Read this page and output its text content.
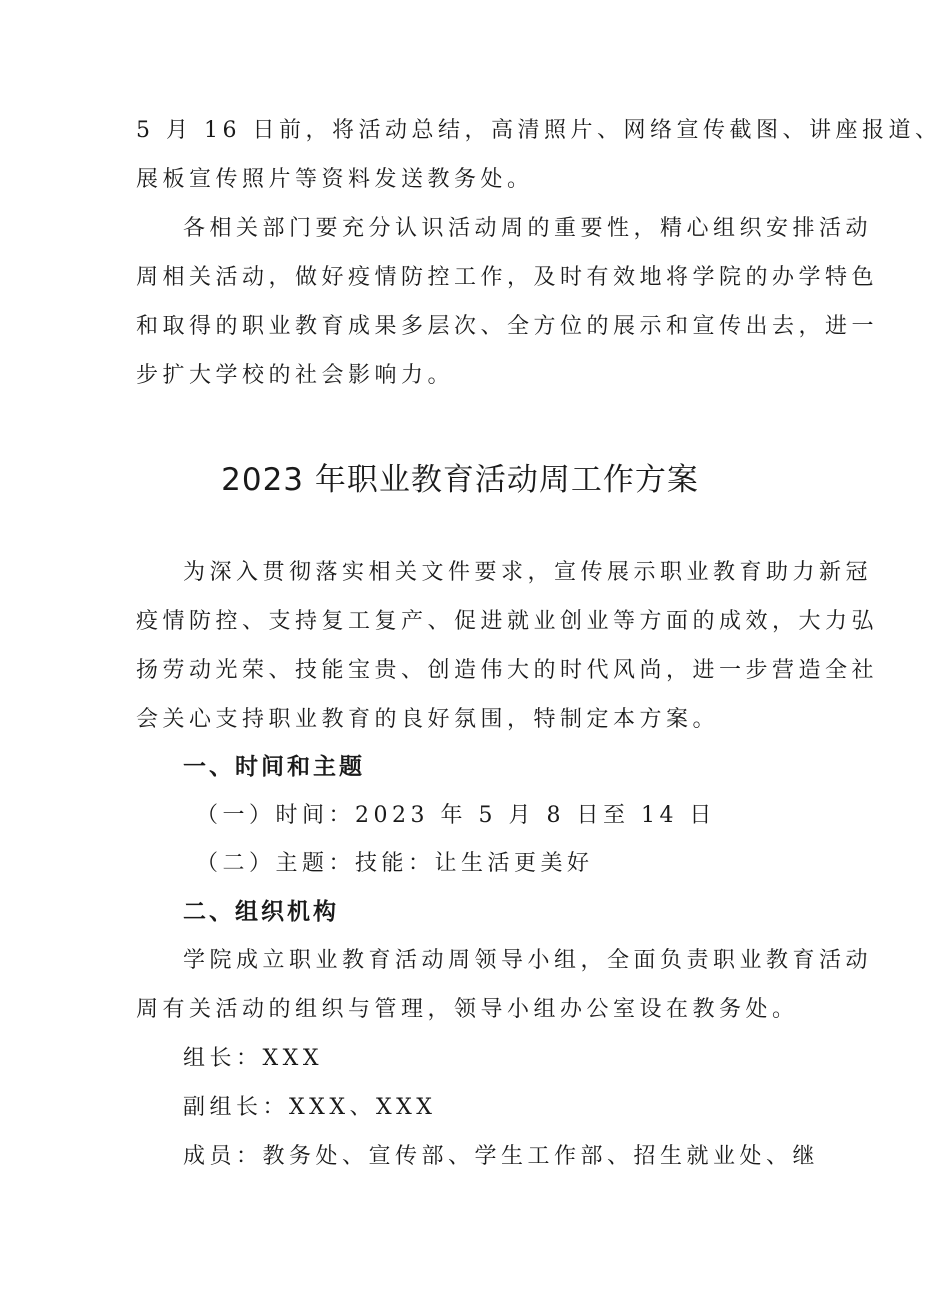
5 月 16 日前，将活动总结，高清照片、网络宣传截图、讲座报道、
展板宣传照片等资料发送教务处。
各相关部门要充分认识活动周的重要性，精心组织安排活动
周相关活动，做好疫情防控工作，及时有效地将学院的办学特色
和取得的职业教育成果多层次、全方位的展示和宣传出去，进一
步扩大学校的社会影响力。
2023 年职业教育活动周工作方案
为深入贯彻落实相关文件要求，宣传展示职业教育助力新冠
疫情防控、支持复工复产、促进就业创业等方面的成效，大力弘
扬劳动光荣、技能宝贵、创造伟大的时代风尚，进一步营造全社
会关心支持职业教育的良好氛围，特制定本方案。
一、时间和主题
（一）时间：2023 年 5 月 8 日至 14 日
（二）主题：技能：让生活更美好
二、组织机构
学院成立职业教育活动周领导小组，全面负责职业教育活动
周有关活动的组织与管理，领导小组办公室设在教务处。
组长：XXX
副组长：XXX、XXX
成员：教务处、宣传部、学生工作部、招生就业处、继
